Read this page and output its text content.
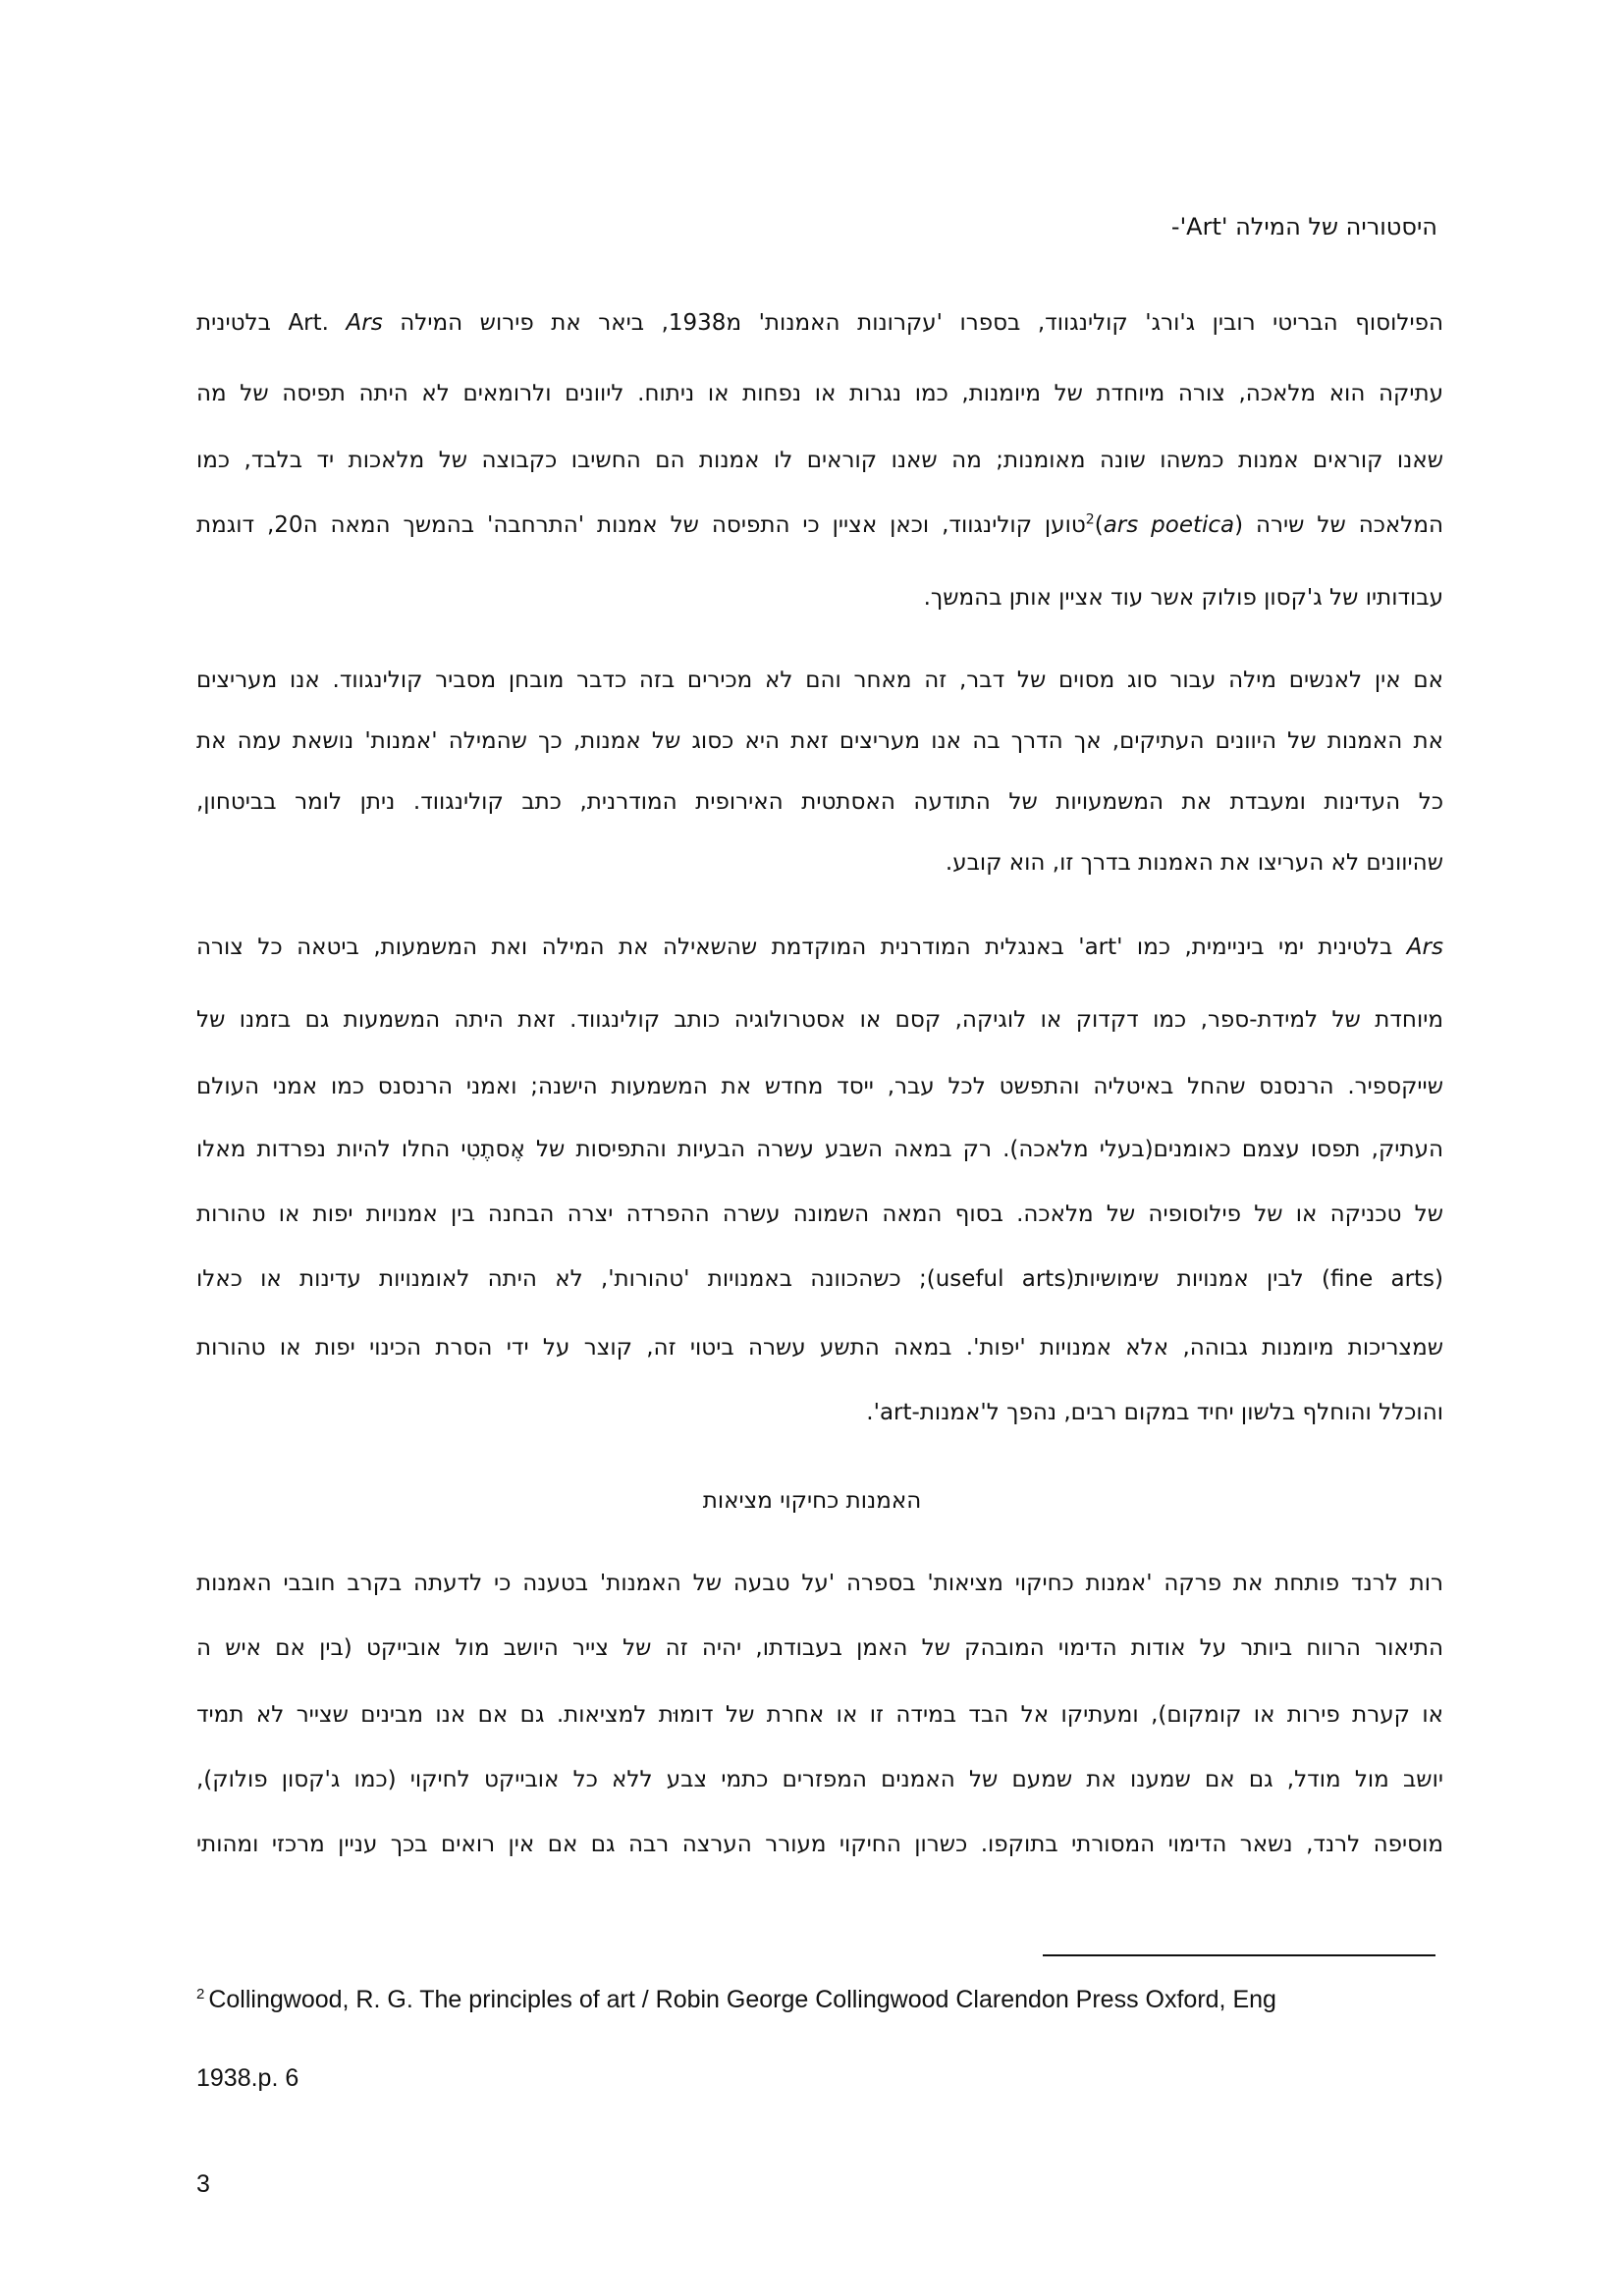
היסטוריה של המילה 'Art'-
הפילוסוף הבריטי רובין ג'ורג' קולינגווד, בספרו 'עקרונות האמנות' מ1938, ביאר את פירוש המילה Art. Ars בלטינית
עתיקה הוא מלאכה, צורה מיוחדת של מיומנות, כמו נגרות או נפחות או ניתוח. ליוונים ולרומאים לא היתה תפיסה של מה
שאנו קוראים אמנות כמשהו שונה מאומנות; מה שאנו קוראים לו אמנות הם החשיבו כקבוצה של מלאכות יד בלבד, כמו
המלאכה של שירה (ars poetica)$^2$טוען קולינגווד, וכאן אציין כי התפיסה של אמנות 'התרחבה' בהמשך המאה ה20, דוגמת
עבודותיו של ג'קסון פולוק אשר עוד אציין אותן בהמשך.
אם אין לאנשים מילה עבור סוג מסוים של דבר, זה מאחר והם לא מכירים בזה כדבר מובחן מסביר קולינגווד. אנו מעריצים
את האמנות של היוונים העתיקים, אך הדרך בה אנו מעריצים זאת היא כסוג של אמנות, כך שהמילה 'אמנות' נושאת עמה את
כל העדינות ומעבדת את המשמעויות של התודעה האסתטית האירופית המודרנית, כתב קולינגווד. ניתן לומר בביטחון,
שהיוונים לא העריצו את האמנות בדרך זו, הוא קובע.
Ars בלטינית ימי ביניימית, כמו 'art' באנגלית המודרנית המוקדמת שהשאילה את המילה ואת המשמעות, ביטאה כל צורה
מיוחדת של למידת-ספר, כמו דקדוק או לוגיקה, קסם או אסטרולוגיה כותב קולינגווד. זאת היתה המשמעות גם בזמנו של
שייקספיר. הרנסנס שהחל באיטליה והתפשט לכל עבר, ייסד מחדש את המשמעות הישנה; ואמני הרנסנס כמו אמני העולם
העתיק, תפסו עצמם כאומנים(בעלי מלאכה). רק במאה השבע עשרה הבעיות והתפיסות של אֶסתֶטִי החלו להיות נפרדות מאלו
של טכניקה או של פילוסופיה של מלאכה. בסוף המאה השמונה עשרה ההפרדה יצרה הבחנה בין אמנויות יפות או טהורות
(fine arts) לבין אמנויות שימושיות(useful arts); כשהכוונה באמנויות 'טהורות', לא היתה לאומנויות עדינות או כאלו
שמצריכות מיומנות גבוהה, אלא אמנויות 'יפות'. במאה התשע עשרה ביטוי זה, קוצר על ידי הסרת הכינוי יפות או טהורות
והוכלל והוחלף בלשון יחיד במקום רבים, נהפך ל'אמנות-art'.
האמנות כחיקוי מציאות
רות לרנד פותחת את פרקה 'אמנות כחיקוי מציאות' בספרה 'על טבעה של האמנות' בטענה כי לדעתה בקרב חובבי האמנות
התיאור הרווח ביותר על אודות הדימוי המובהק של האמן בעבודתו, יהיה זה של צייר היושב מול אובייקט (בין אם איש ה
או קערת פירות או קומקום), ומעתיקו אל הבד במידה זו או אחרת של דומוּת למציאות. גם אם אנו מבינים שצייר לא תמיד
יושב מול מודל, גם אם שמענו את שמעם של האמנים המפזרים כתמי צבע ללא כל אובייקט לחיקוי (כמו ג'קסון פולוק),
מוסיפה לרנד, נשאר הדימוי המסורתי בתוקפו. כשרון החיקוי מעורר הערצה רבה גם אם אין רואים בכך עניין מרכזי ומהותי
$^2$ Collingwood, R. G. The principles of art / Robin George Collingwood Clarendon Press Oxford, Eng
1938.p. 6
3
